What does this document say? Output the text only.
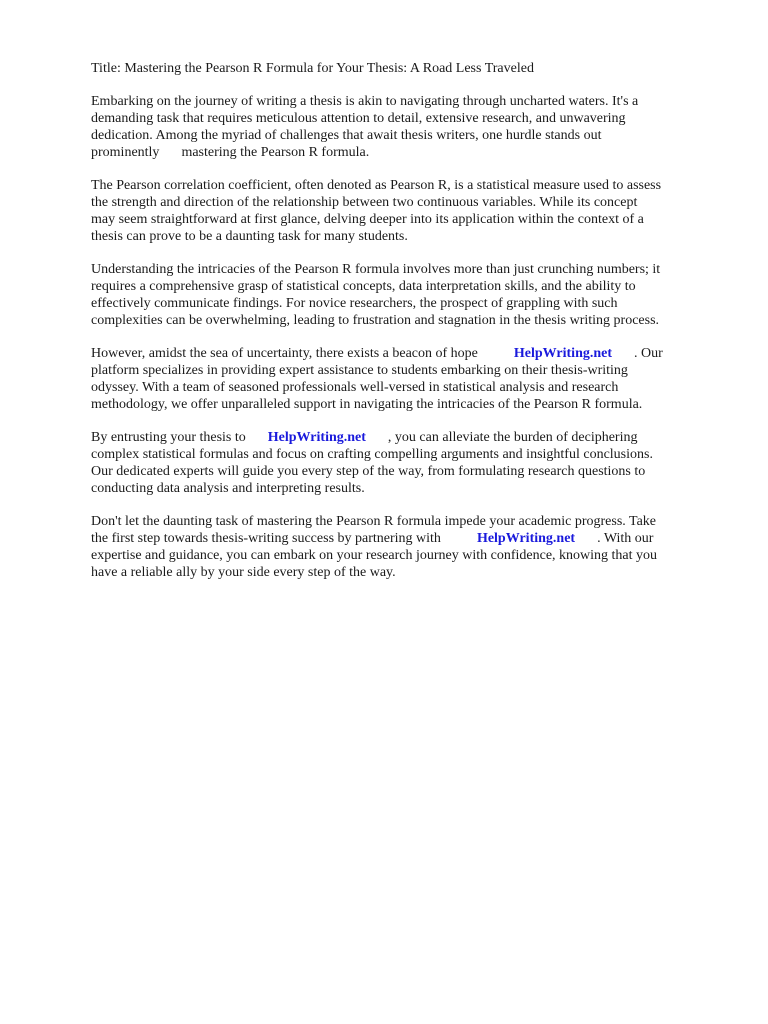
Title: Mastering the Pearson R Formula for Your Thesis: A Road Less Traveled
Embarking on the journey of writing a thesis is akin to navigating through uncharted waters. It's a
demanding task that requires meticulous attention to detail, extensive research, and unwavering
dedication. Among the myriad of challenges that await thesis writers, one hurdle stands out
prominently mastering the Pearson R formula.
The Pearson correlation coefficient, often denoted as Pearson R, is a statistical measure used to assess
the strength and direction of the relationship between two continuous variables. While its concept
may seem straightforward at first glance, delving deeper into its application within the context of a
thesis can prove to be a daunting task for many students.
Understanding the intricacies of the Pearson R formula involves more than just crunching numbers; it
requires a comprehensive grasp of statistical concepts, data interpretation skills, and the ability to
effectively communicate findings. For novice researchers, the prospect of grappling with such
complexities can be overwhelming, leading to frustration and stagnation in the thesis writing process.
However, amidst the sea of uncertainty, there exists a beacon of hope	HelpWriting.net . Our
platform specializes in providing expert assistance to students embarking on their thesis-writing
odyssey. With a team of seasoned professionals well-versed in statistical analysis and research
methodology, we offer unparalleled support in navigating the intricacies of the Pearson R formula.
By entrusting your thesis to HelpWriting.net , you can alleviate the burden of deciphering
complex statistical formulas and focus on crafting compelling arguments and insightful conclusions.
Our dedicated experts will guide you every step of the way, from formulating research questions to
conducting data analysis and interpreting results.
Don't let the daunting task of mastering the Pearson R formula impede your academic progress. Take
the first step towards thesis-writing success by partnering with	HelpWriting.net . With our
expertise and guidance, you can embark on your research journey with confidence, knowing that you
have a reliable ally by your side every step of the way.
